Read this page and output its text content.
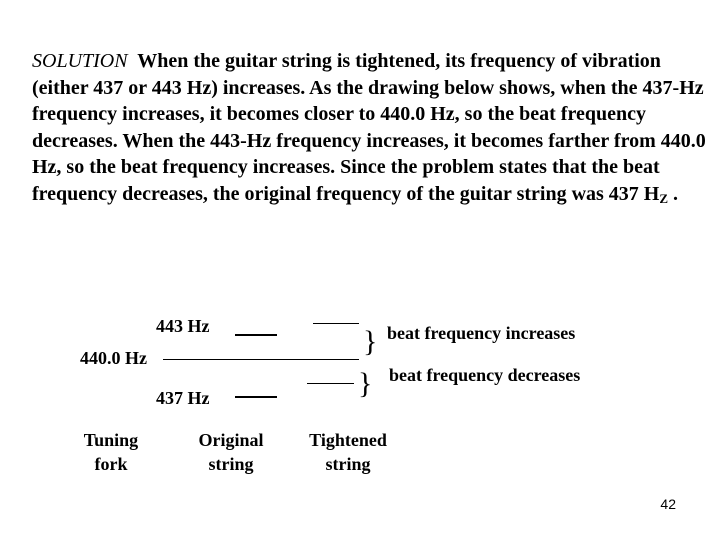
SOLUTION When the guitar string is tightened, its frequency of vibration (either 437 or 443 Hz) increases. As the drawing below shows, when the 437-Hz frequency increases, it becomes closer to 440.0 Hz, so the beat frequency decreases. When the 443-Hz frequency increases, it becomes farther from 440.0 Hz, so the beat frequency increases. Since the problem states that the beat frequency decreases, the original frequency of the guitar string was 437 $H_Z$ .

443 Hz	} beat frequency increases
440.0 Hz
} beat frequency decreases
437 Hz
Tuning
fork
Original
string
Tightened
string
42
